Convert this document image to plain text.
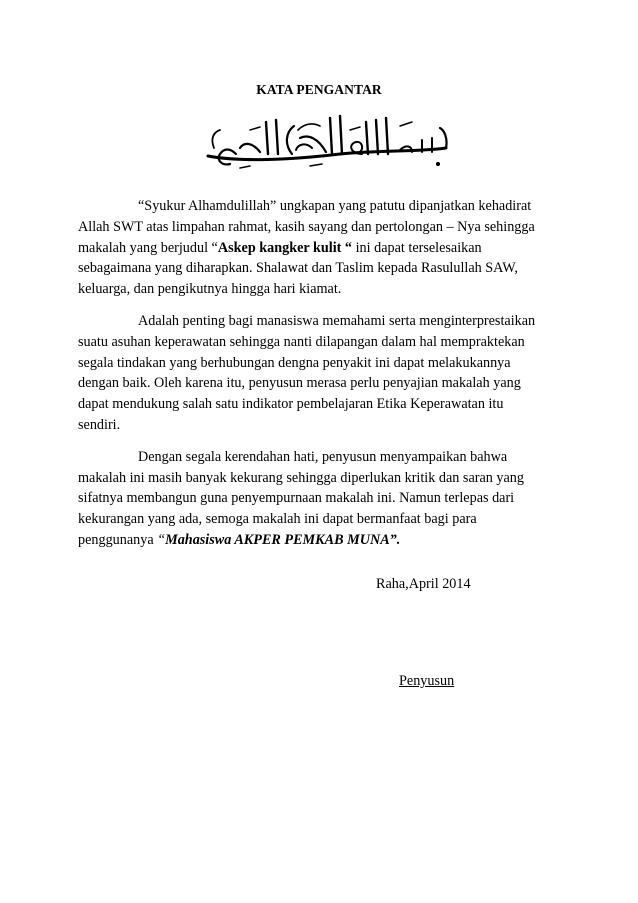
KATA PENGANTAR

“Syukur Alhamdulillah” ungkapan yang patutu dipanjatkan kehadirat
Allah SWT atas limpahan rahmat, kasih sayang dan pertolongan – Nya sehingga
makalah yang berjudul “Askep kangker kulit “ ini dapat terselesaikan
sebagaimana yang diharapkan. Shalawat dan Taslim kepada Rasulullah SAW,
keluarga, dan pengikutnya hingga hari kiamat.

Adalah penting bagi manasiswa memahami serta menginterprestaikan
suatu asuhan keperawatan sehingga nanti dilapangan dalam hal mempraktekan
segala tindakan yang berhubungan dengna penyakit ini dapat melakukannya
dengan baik. Oleh karena itu, penyusun merasa perlu penyajian makalah yang
dapat mendukung salah satu indikator pembelajaran Etika Keperawatan itu
sendiri.

Dengan segala kerendahan hati, penyusun menyampaikan bahwa
makalah ini masih banyak kekurang sehingga diperlukan kritik dan saran yang
sifatnya membangun guna penyempurnaan makalah ini. Namun terlepas dari
kekurangan yang ada, semoga makalah ini dapat bermanfaat bagi para
penggunanya “Mahasiswa AKPER PEMKAB MUNA”.

Raha,April 2014
Penyusun
